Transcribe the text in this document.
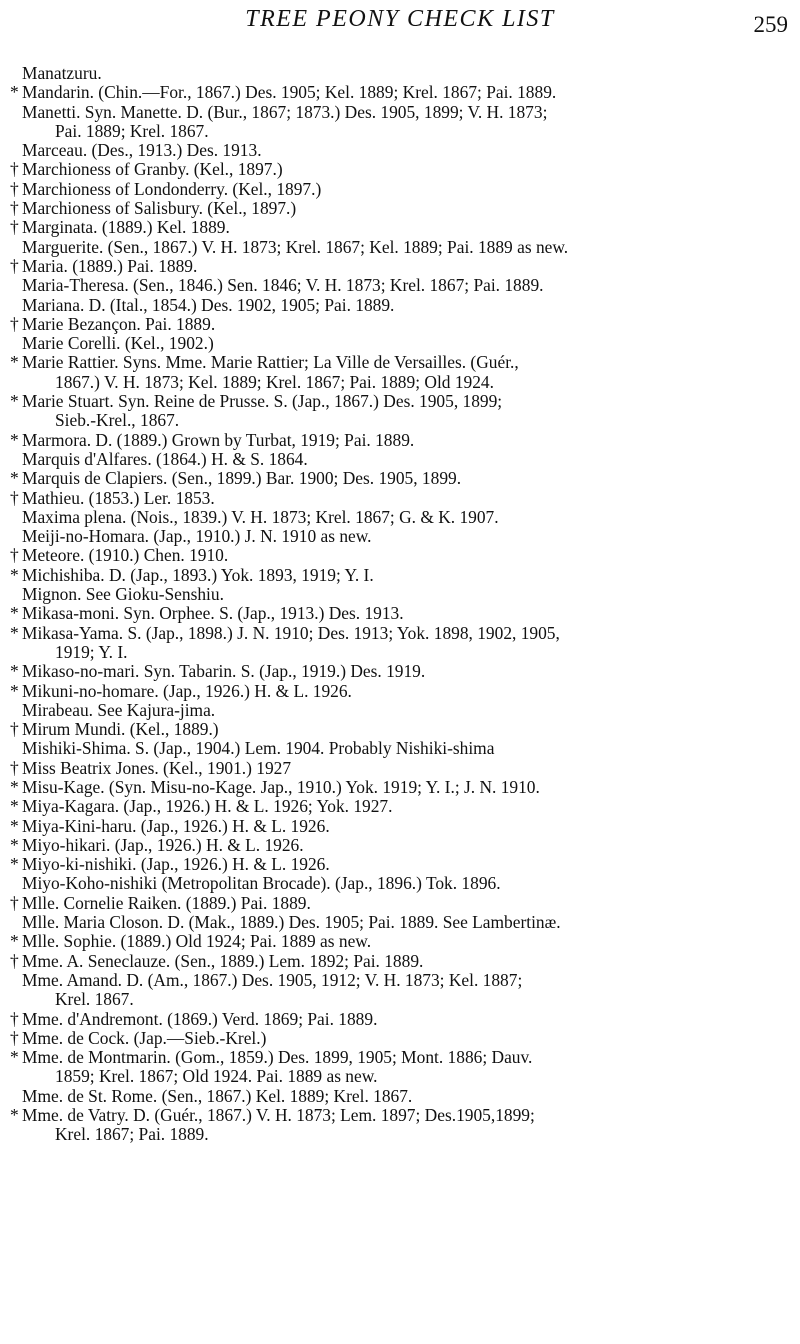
TREE PEONY CHECK LIST	259
Manatzuru.
* Mandarin. (Chin.—For., 1867.) Des. 1905; Kel. 1889; Krel. 1867; Pai. 1889.
Manetti. Syn. Manette. D. (Bur., 1867; 1873.) Des. 1905, 1899; V. H. 1873;
Pai. 1889; Krel. 1867.
Marceau. (Des., 1913.) Des. 1913.
† Marchioness of Granby. (Kel., 1897.)
† Marchioness of Londonderry. (Kel., 1897.)
† Marchioness of Salisbury. (Kel., 1897.)
† Marginata. (1889.) Kel. 1889.
Marguerite. (Sen., 1867.) V. H. 1873; Krel. 1867; Kel. 1889; Pai. 1889 as new.
† Maria. (1889.) Pai. 1889.
Maria-Theresa. (Sen., 1846.) Sen. 1846; V. H. 1873; Krel. 1867; Pai. 1889.
Mariana. D. (Ital., 1854.) Des. 1902, 1905; Pai. 1889.
† Marie Bezançon. Pai. 1889.
Marie Corelli. (Kel., 1902.)
* Marie Rattier. Syns. Mme. Marie Rattier; La Ville de Versailles. (Guér.,
1867.) V. H. 1873; Kel. 1889; Krel. 1867; Pai. 1889; Old 1924.
* Marie Stuart. Syn. Reine de Prusse. S. (Jap., 1867.) Des. 1905, 1899;
Sieb.-Krel., 1867.
* Marmora. D. (1889.) Grown by Turbat, 1919; Pai. 1889.
Marquis d'Alfares. (1864.) H. & S. 1864.
* Marquis de Clapiers. (Sen., 1899.) Bar. 1900; Des. 1905, 1899.
† Mathieu. (1853.) Ler. 1853.
Maxima plena. (Nois., 1839.) V. H. 1873; Krel. 1867; G. & K. 1907.
Meiji-no-Homara. (Jap., 1910.) J. N. 1910 as new.
† Meteore. (1910.) Chen. 1910.
* Michishiba. D. (Jap., 1893.) Yok. 1893, 1919; Y. I.
Mignon. See Gioku-Senshiu.
* Mikasa-moni. Syn. Orphee. S. (Jap., 1913.) Des. 1913.
* Mikasa-Yama. S. (Jap., 1898.) J. N. 1910; Des. 1913; Yok. 1898, 1902, 1905,
1919; Y. I.
* Mikaso-no-mari. Syn. Tabarin. S. (Jap., 1919.) Des. 1919.
* Mikuni-no-homare. (Jap., 1926.) H. & L. 1926.
Mirabeau. See Kajura-jima.
† Mirum Mundi. (Kel., 1889.)
Mishiki-Shima. S. (Jap., 1904.) Lem. 1904. Probably Nishiki-shima
† Miss Beatrix Jones. (Kel., 1901.) 1927
* Misu-Kage. (Syn. Misu-no-Kage. Jap., 1910.) Yok. 1919; Y. I.; J. N. 1910.
* Miya-Kagara. (Jap., 1926.) H. & L. 1926; Yok. 1927.
* Miya-Kini-haru. (Jap., 1926.) H. & L. 1926.
* Miyo-hikari. (Jap., 1926.) H. & L. 1926.
* Miyo-ki-nishiki. (Jap., 1926.) H. & L. 1926.
Miyo-Koho-nishiki (Metropolitan Brocade). (Jap., 1896.) Tok. 1896.
† Mlle. Cornelie Raiken. (1889.) Pai. 1889.
Mlle. Maria Closon. D. (Mak., 1889.) Des. 1905; Pai. 1889. See Lambertinæ.
* Mlle. Sophie. (1889.) Old 1924; Pai. 1889 as new.
† Mme. A. Seneclauze. (Sen., 1889.) Lem. 1892; Pai. 1889.
Mme. Amand. D. (Am., 1867.) Des. 1905, 1912; V. H. 1873; Kel. 1887;
Krel. 1867.
† Mme. d'Andremont. (1869.) Verd. 1869; Pai. 1889.
† Mme. de Cock. (Jap.—Sieb.-Krel.)
* Mme. de Montmarin. (Gom., 1859.) Des. 1899, 1905; Mont. 1886; Dauv.
1859; Krel. 1867; Old 1924. Pai. 1889 as new.
Mme. de St. Rome. (Sen., 1867.) Kel. 1889; Krel. 1867.
* Mme. de Vatry. D. (Guér., 1867.) V. H. 1873; Lem. 1897; Des.1905,1899;
Krel. 1867; Pai. 1889.
